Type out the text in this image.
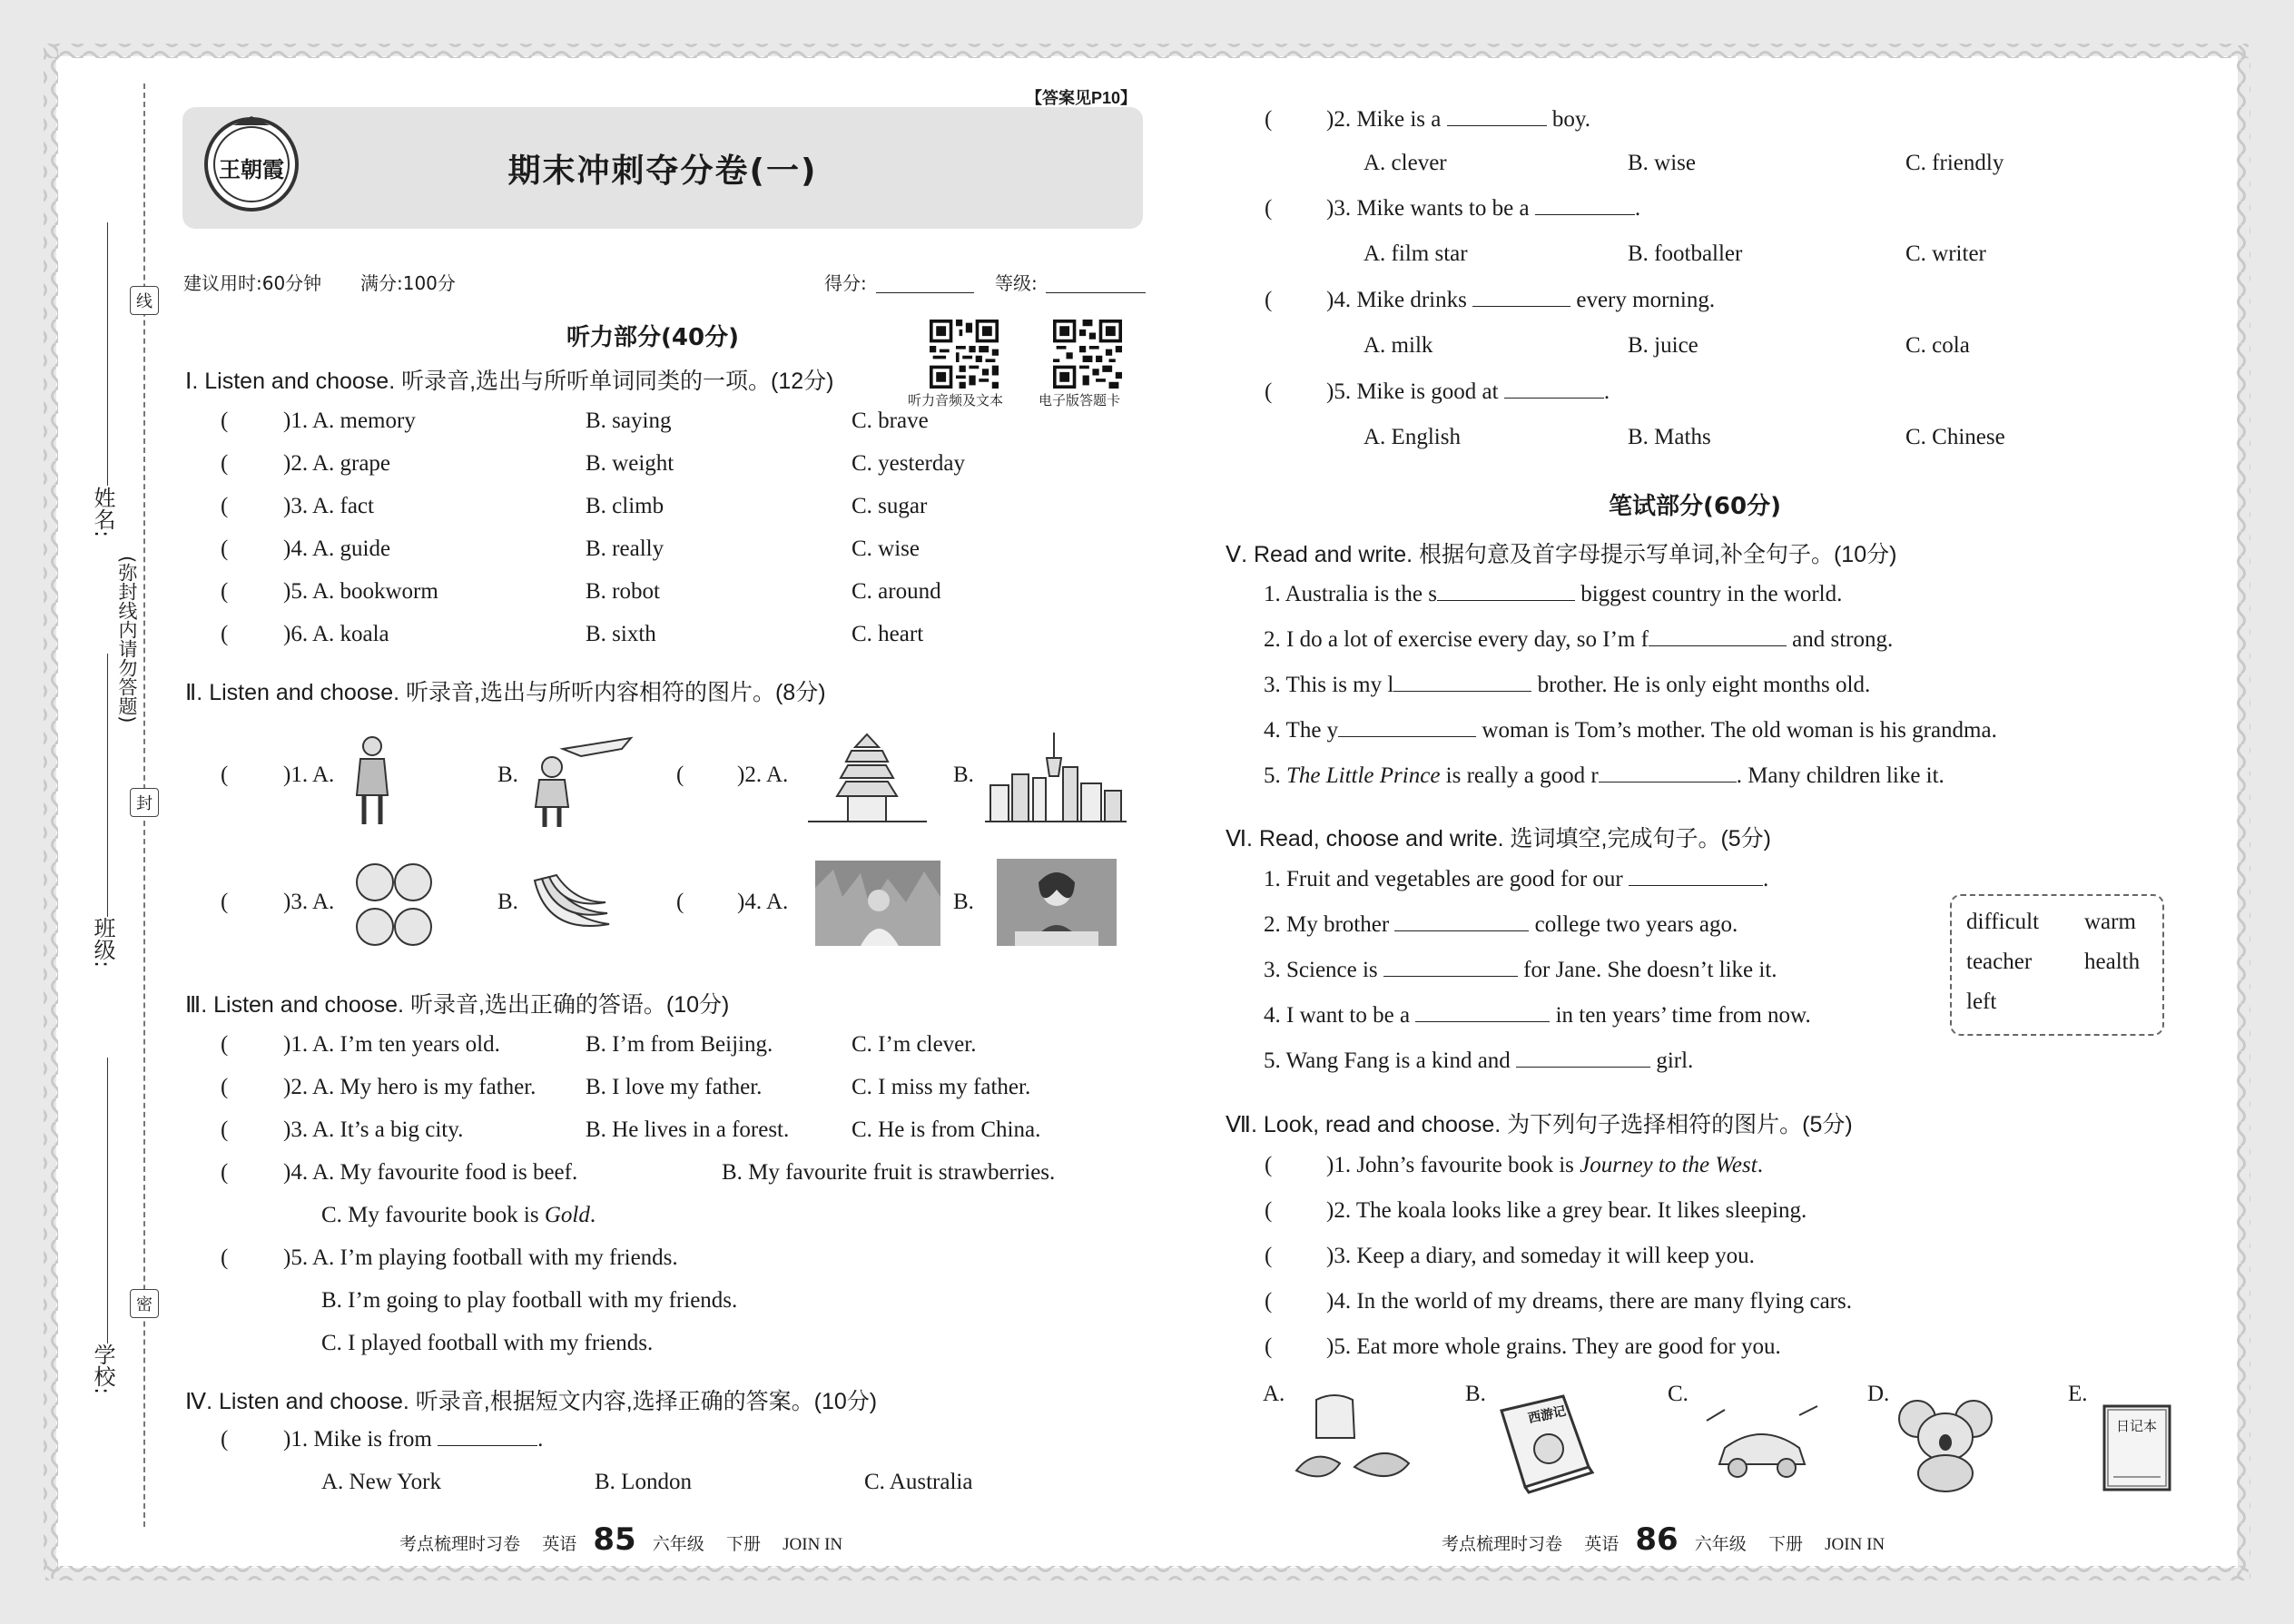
线
封
密
姓名:
班级:
学校:
(弥封线内请勿答题)
【答案见P10】
期末冲刺夺分卷(一)
王朝霞
建议用时:60分钟 满分:100分	得分:	等级:
听力部分(40分)
听力音频及文本	电子版答题卡
Ⅰ. Listen and choose. 听录音,选出与所听单词同类的一项。(12分)
( )1. A. memory	B. saying	C. brave
( )2. A. grape	B. weight	C. yesterday
( )3. A. fact	B. climb	C. sugar
( )4. A. guide	B. really	C. wise
( )5. A. bookworm	B. robot	C. around
( )6. A. koala	B. sixth	C. heart
Ⅱ. Listen and choose. 听录音,选出与所听内容相符的图片。(8分)
( )1. A.	B.	( )2. A.	B.
( )3. A.	B.	( )4. A.	B.
Ⅲ. Listen and choose. 听录音,选出正确的答语。(10分)
( )1. A. I’m ten years old.	B. I’m from Beijing.	C. I’m clever.
( )2. A. My hero is my father. B. I love my father.	C. I miss my father.
( )3. A. It’s a big city.	B. He lives in a forest.	C. He is from China.
( )4. A. My favourite food is beef.	B. My favourite fruit is strawberries.
C. My favourite book is Gold.
( )5. A. I’m playing football with my friends.
B. I’m going to play football with my friends.
C. I played football with my friends.
Ⅳ. Listen and choose. 听录音,根据短文内容,选择正确的答案。(10分)
( )1. Mike is from	.
A. New York	B. London	C. Australia
考点梳理时习卷 英语 85 六年级 下册 JOIN IN
( )2. Mike is a	boy.
A. clever	B. wise	C. friendly
( )3. Mike wants to be a	.
A. film star	B. footballer	C. writer
( )4. Mike drinks	every morning.
A. milk	B. juice	C. cola
( )5. Mike is good at	.
A. English	B. Maths	C. Chinese
笔试部分(60分)
Ⅴ. Read and write. 根据句意及首字母提示写单词,补全句子。(10分)
1. Australia is the s	biggest country in the world.
2. I do a lot of exercise every day, so I’m f	and strong.
3. This is my l	brother. He is only eight months old.
4. The y	woman is Tom’s mother. The old woman is his grandma.
5. The Little Prince is really a good r	. Many children like it.
Ⅵ. Read, choose and write. 选词填空,完成句子。(5分)
1. Fruit and vegetables are good for our	.
2. My brother	college two years ago.
3. Science is	for Jane. She doesn’t like it.
4. I want to be a	in ten years’ time from now.
5. Wang Fang is a kind and	girl.
difficult warm
teacher health
left
Ⅶ. Look, read and choose. 为下列句子选择相符的图片。(5分)
( )1. John’s favourite book is Journey to the West.
( )2. The koala looks like a grey bear. It likes sleeping.
( )3. Keep a diary, and someday it will keep you.
( )4. In the world of my dreams, there are many flying cars.
( )5. Eat more whole grains. They are good for you.
A.	B.
西游记
C.	D.	E.
日记本
考点梳理时习卷 英语 86 六年级 下册 JOIN IN
